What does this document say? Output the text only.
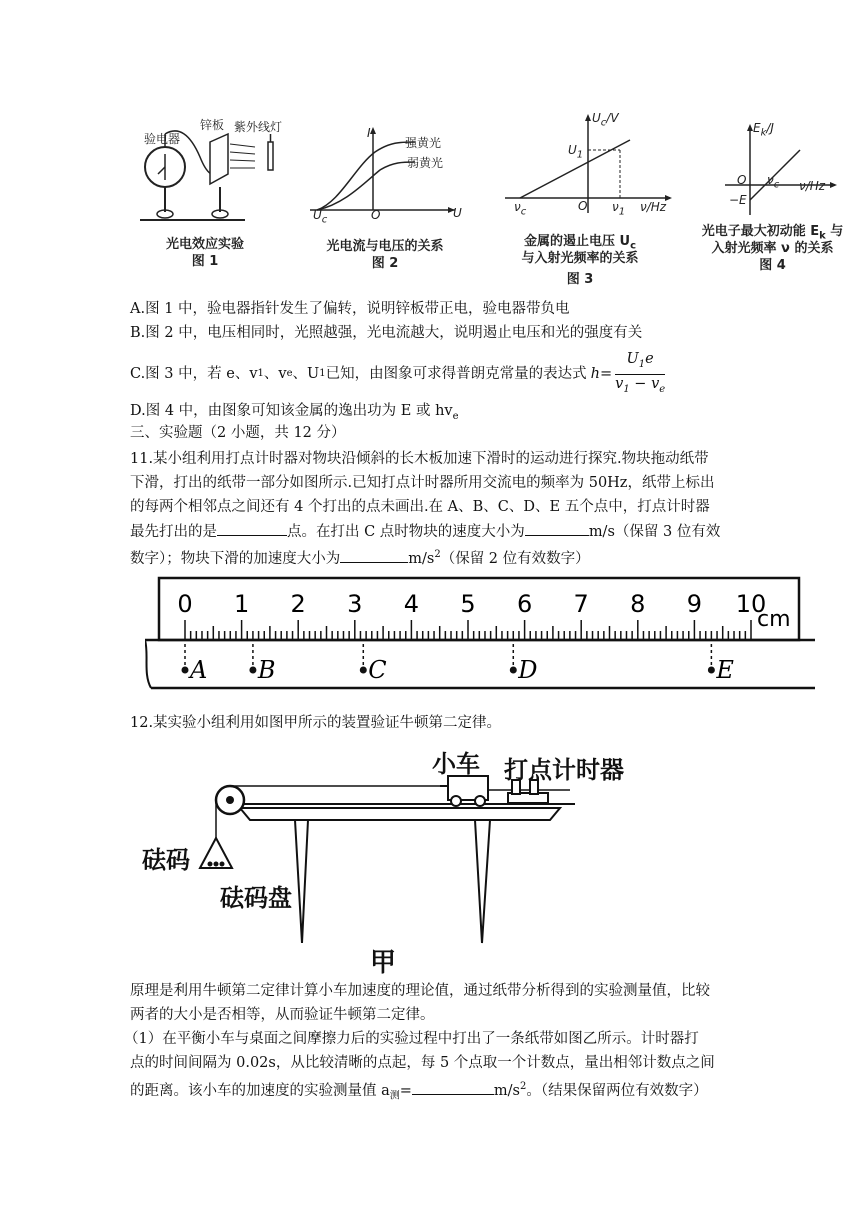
验电器
锌板 紫外线灯
光电效应实验
图 1
I
U
O
$U_c$
强黄光
弱黄光
光电流与电压的关系
图 2
$U_c/V$
$U_1$
$\nu_c$	O $\nu_1$ ν/Hz
金属的遏止电压 $U_c$
与入射光频率的关系
图 3
$E_k/J$
O $\nu_c$ ν/Hz
−E
光电子最大初动能 $E_k$ 与
入射光频率 ν 的关系
图 4
A.图 1 中，验电器指针发生了偏转，说明锌板带正电，验电器带负电
B.图 2 中，电压相同时，光照越强，光电流越大，说明遏止电压和光的强度有关
C.图 3 中，若 e、v 1 、v e 、U 1 已知，由图象可求得普朗克常量的表达式 $h = \frac{U_1e}{v_1 - v_e}$
D.图 4 中，由图象可知该金属的逸出功为 E 或 $hv_e$
三、实验题（2 小题，共 12 分）
11.某小组利用打点计时器对物块沿倾斜的长木板加速下滑时的运动进行探究.物块拖动纸带
下滑，打出的纸带一部分如图所示.已知打点计时器所用交流电的频率为 50Hz，纸带上标出
的每两个相邻点之间还有 4 个打出的点未画出.在 A、B、C、D、E 五个点中，打点计时器
最先打出的是	点。在打出 C 点时物块的速度大小为	m/s（保留 3 位有效
数字）；物块下滑的加速度大小为	$m/s^2$（保留 2 位有效数字）
0 1 2 3 4 5 6 7 8 9 10
A B	C	D	E
cm
12.某实验小组利用如图甲所示的装置验证牛顿第二定律。
小车 打点计时器
砝码
砝码盘
甲
原理是利用牛顿第二定律计算小车加速度的理论值，通过纸带分析得到的实验测量值，比较
两者的大小是否相等，从而验证牛顿第二定律。
（1）在平衡小车与桌面之间摩擦力后的实验过程中打出了一条纸带如图乙所示。计时器打
点的时间间隔为 0.02s，从比较清晰的点起，每 5 个点取一个计数点，量出相邻计数点之间
的距离。该小车的加速度的实验测量值 $a_测=$	$m/s^2$。（结果保留两位有效数字）
